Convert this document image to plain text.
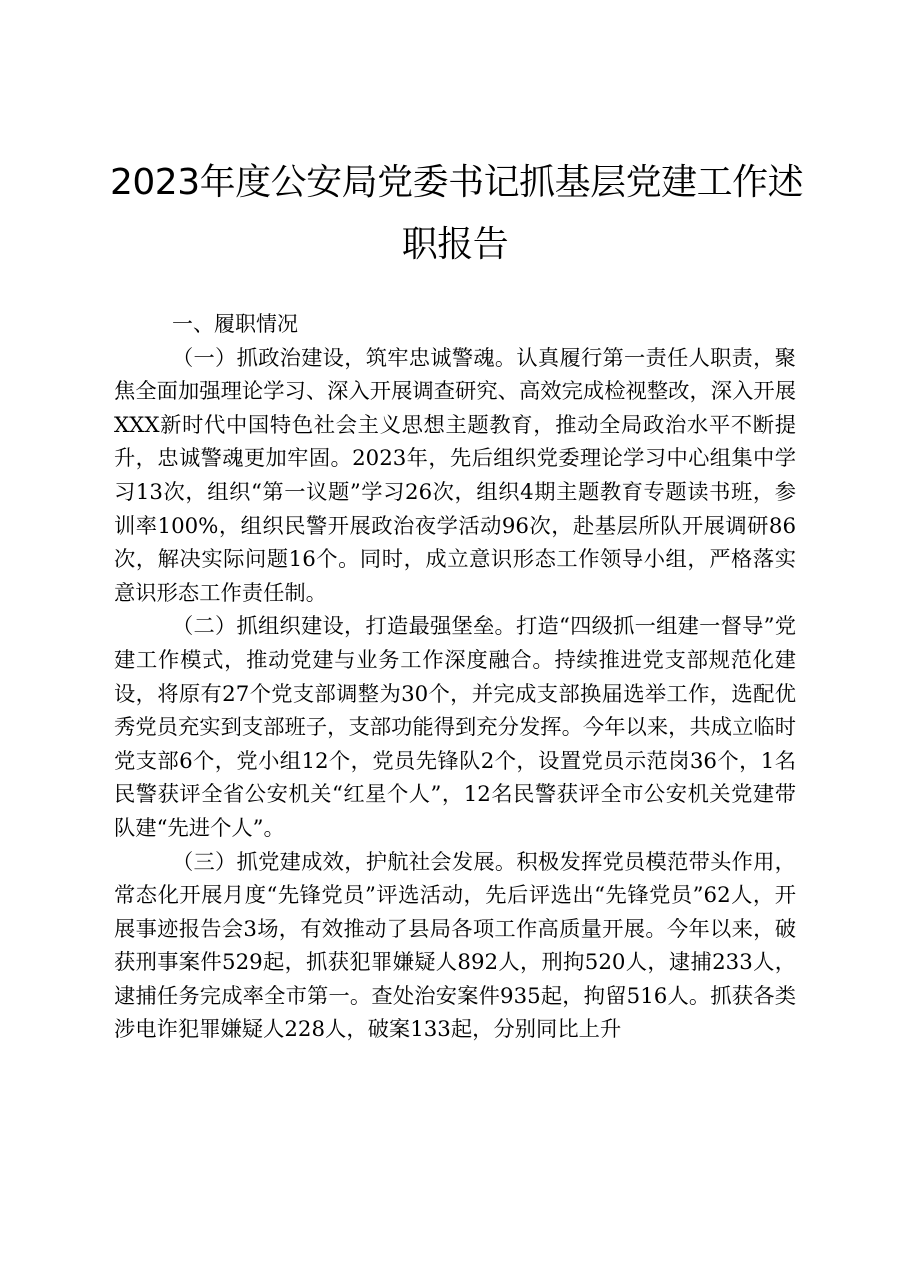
2023年度公安局党委书记抓基层党建工作述
职报告
一、履职情况

（一）抓政治建设，筑牢忠诚警魂。认真履行第一责任人职责，聚焦全面加强理论学习、深入开展调查研究、高效完成检视整改，深入开展XXX新时代中国特色社会主义思想主题教育，推动全局政治水平不断提升，忠诚警魂更加牢固。2023年，先后组织党委理论学习中心组集中学习13次，组织“第一议题”学习26次，组织4期主题教育专题读书班，参训率100%，组织民警开展政治夜学活动96次，赴基层所队开展调研86次，解决实际问题16个。同时，成立意识形态工作领导小组，严格落实意识形态工作责任制。

（二）抓组织建设，打造最强堡垒。打造“四级抓一组建一督导”党建工作模式，推动党建与业务工作深度融合。持续推进党支部规范化建设，将原有27个党支部调整为30个，并完成支部换届选举工作，选配优秀党员充实到支部班子，支部功能得到充分发挥。今年以来，共成立临时党支部6个，党小组12个，党员先锋队2个，设置党员示范岗36个，1名民警获评全省公安机关“红星个人”，12名民警获评全市公安机关党建带队建“先进个人”。

（三）抓党建成效，护航社会发展。积极发挥党员模范带头作用，常态化开展月度“先锋党员”评选活动，先后评选出“先锋党员”62人，开展事迹报告会3场，有效推动了县局各项工作高质量开展。今年以来，破获刑事案件529起，抓获犯罪嫌疑人892人，刑拘520人，逮捕233人，逮捕任务完成率全市第一。查处治安案件935起，拘留516人。抓获各类涉电诈犯罪嫌疑人228人，破案133起，分别同比上升
